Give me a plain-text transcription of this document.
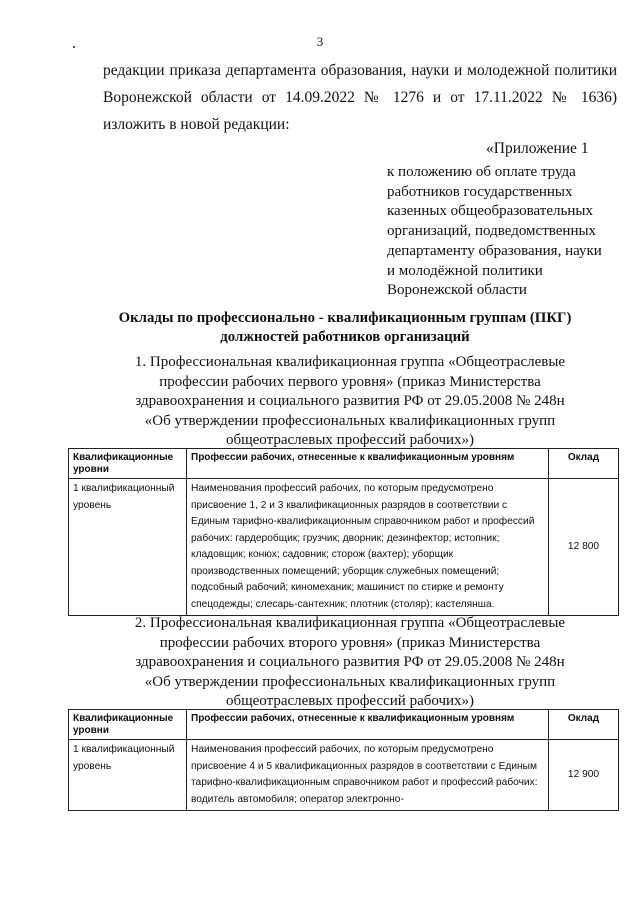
3
редакции приказа департамента образования, науки и молодежной политики
Воронежской области от 14.09.2022 № 1276 и от 17.11.2022 № 1636)
изложить в новой редакции:
«Приложение 1
к положению об оплате труда
работников государственных
казенных общеобразовательных
организаций, подведомственных
департаменту образования, науки
и молодёжной политики
Воронежской области
Оклады по профессионально - квалификационным группам (ПКГ)
должностей работников организаций
1. Профессиональная квалификационная группа «Общеотраслевые
профессии рабочих первого уровня» (приказ Министерства
здравоохранения и социального развития РФ от 29.05.2008 № 248н
«Об утверждении профессиональных квалификационных групп
общеотраслевых профессий рабочих»)
Квалификационные уровни	Профессии рабочих, отнесенные к квалификационным уровням	Оклад
1 квалификационный уровень	Наименования профессий рабочих, по которым предусмотрено присвоение 1, 2 и 3 квалификационных разрядов в соответствии с Единым тарифно-квалификационным справочником работ и профессий рабочих: гардеробщик; грузчик; дворник; дезинфектор; истопник; кладовщик; конюх; садовник; сторож (вахтер); уборщик производственных помещений; уборщик служебных помещений; подсобный рабочий; киномеханик; машинист по стирке и ремонту спецодежды; слесарь-сантехник; плотник (столяр); кастелянша.	12 800
2. Профессиональная квалификационная группа «Общеотраслевые
профессии рабочих второго уровня» (приказ Министерства
здравоохранения и социального развития РФ от 29.05.2008 № 248н
«Об утверждении профессиональных квалификационных групп
общеотраслевых профессий рабочих»)
Квалификационные уровни	Профессии рабочих, отнесенные к квалификационным уровням	Оклад
1 квалификационный уровень	Наименования профессий рабочих, по которым предусмотрено присвоение 4 и 5 квалификационных разрядов в соответствии с Единым тарифно-квалификационным справочником работ и профессий рабочих: водитель автомобиля; оператор электронно-	12 900
